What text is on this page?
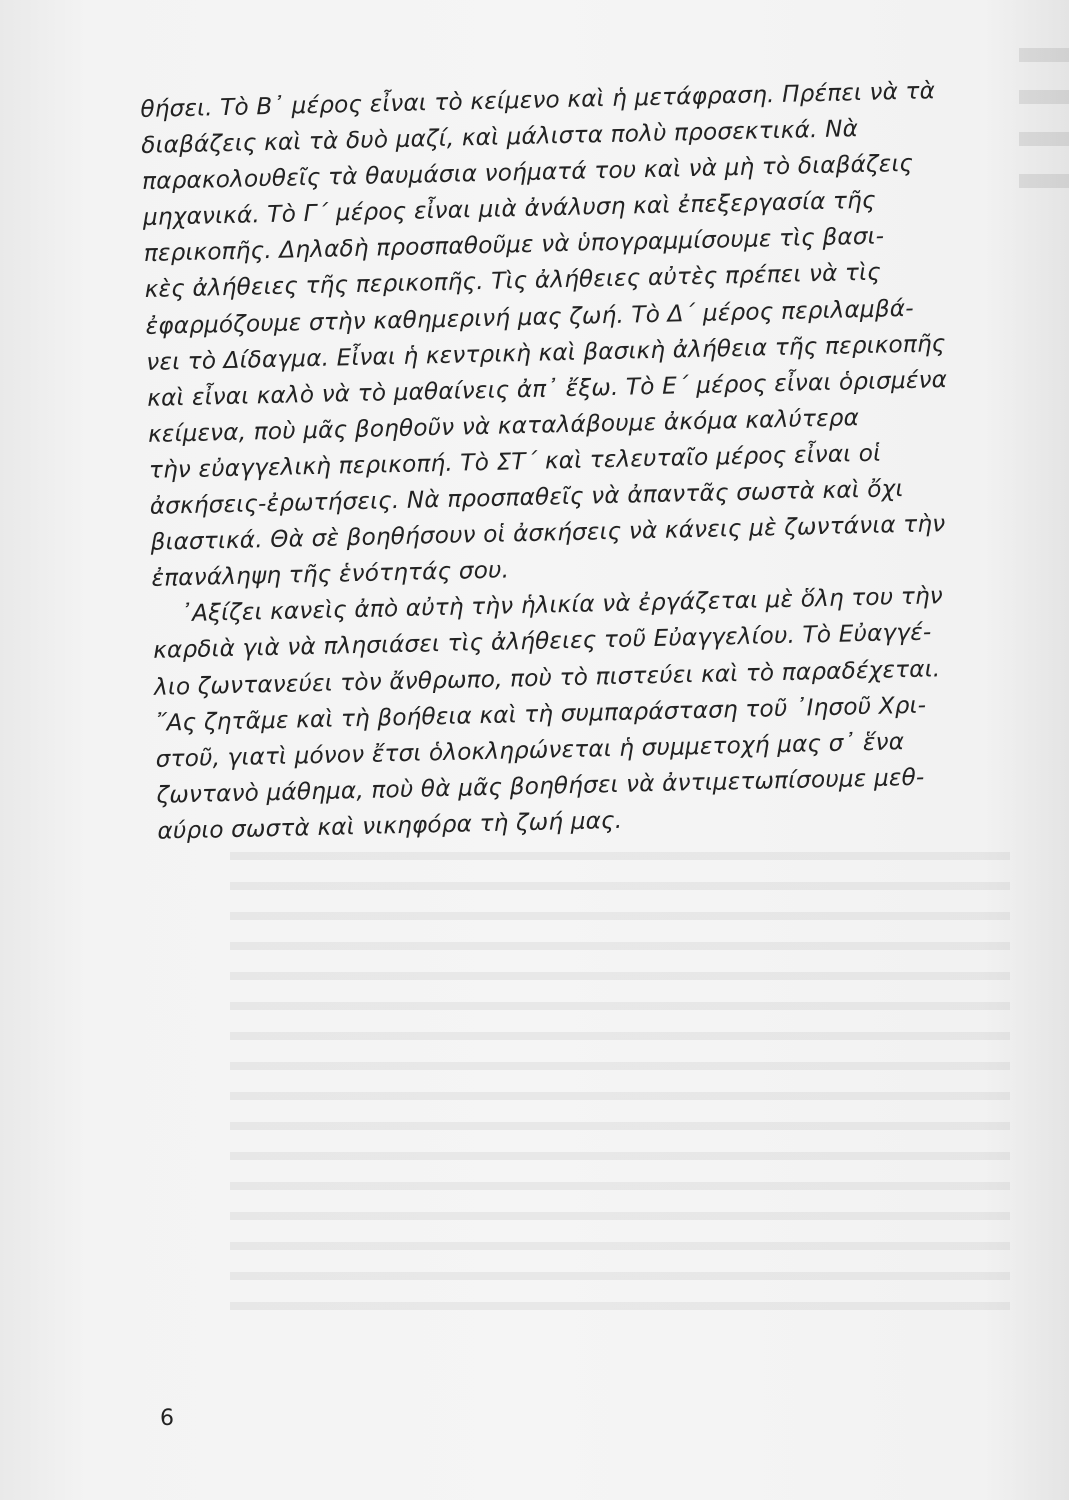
θήσει. Τὸ Β᾽ μέρος εἶναι τὸ κείμενο καὶ ἡ μετάφραση. Πρέπει νὰ τὰ
διαβάζεις καὶ τὰ δυὸ μαζί, καὶ μάλιστα πολὺ προσεκτικά. Νὰ
παρακολουθεῖς τὰ θαυμάσια νοήματά του καὶ νὰ μὴ τὸ διαβάζεις
μηχανικά. Τὸ Γ΄ μέρος εἶναι μιὰ ἀνάλυση καὶ ἐπεξεργασία τῆς
περικοπῆς. Δηλαδὴ προσπαθοῦμε νὰ ὑπογραμμίσουμε τὶς βασι-
κὲς ἀλήθειες τῆς περικοπῆς. Τὶς ἀλήθειες αὐτὲς πρέπει νὰ τὶς
ἐφαρμόζουμε στὴν καθημερινή μας ζωή. Τὸ Δ΄ μέρος περιλαμβά-
νει τὸ Δίδαγμα. Εἶναι ἡ κεντρικὴ καὶ βασικὴ ἀλήθεια τῆς περικοπῆς
καὶ εἶναι καλὸ νὰ τὸ μαθαίνεις ἀπ᾽ ἔξω. Τὸ Ε΄ μέρος εἶναι ὁρισμένα
κείμενα, ποὺ μᾶς βοηθοῦν νὰ καταλάβουμε ἀκόμα καλύτερα
τὴν εὐαγγελικὴ περικοπή. Τὸ ΣΤ΄ καὶ τελευταῖο μέρος εἶναι οἱ
ἀσκήσεις-ἐρωτήσεις. Νὰ προσπαθεῖς νὰ ἀπαντᾶς σωστὰ καὶ ὄχι
βιαστικά. Θὰ σὲ βοηθήσουν οἱ ἀσκήσεις νὰ κάνεις μὲ ζωντάνια τὴν
ἐπανάληψη τῆς ἑνότητάς σου.
᾽Αξίζει κανεὶς ἀπὸ αὐτὴ τὴν ἡλικία νὰ ἐργάζεται μὲ ὅλη του τὴν
καρδιὰ γιὰ νὰ πλησιάσει τὶς ἀλήθειες τοῦ Εὐαγγελίου. Τὸ Εὐαγγέ-
λιο ζωντανεύει τὸν ἄνθρωπο, ποὺ τὸ πιστεύει καὶ τὸ παραδέχεται.
῎Ας ζητᾶμε καὶ τὴ βοήθεια καὶ τὴ συμπαράσταση τοῦ ᾽Ιησοῦ Χρι-
στοῦ, γιατὶ μόνον ἔτσι ὁλοκληρώνεται ἡ συμμετοχή μας σ᾽ ἕνα
ζωντανὸ μάθημα, ποὺ θὰ μᾶς βοηθήσει νὰ ἀντιμετωπίσουμε μεθ-
αύριο σωστὰ καὶ νικηφόρα τὴ ζωή μας.
6
